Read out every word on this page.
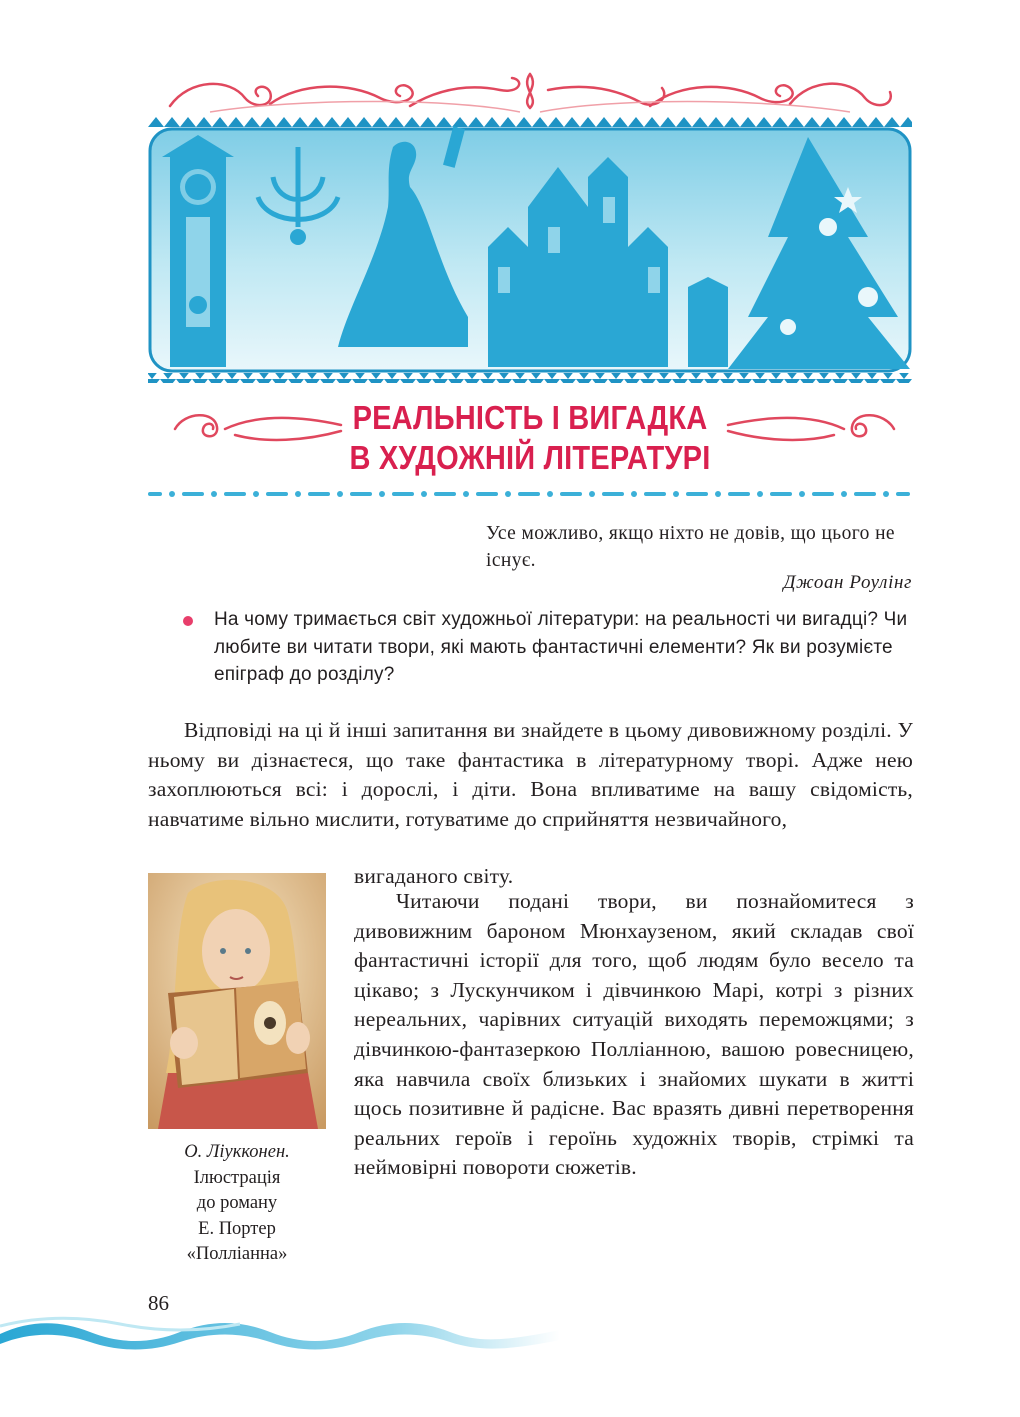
РЕАЛЬНІСТЬ І ВИГАДКА
В ХУДОЖНІЙ ЛІТЕРАТУРІ
Усе можливо, якщо ніхто не довів, що цього не існує.
Джоан Роулінг
На чому тримається світ художньої літератури: на реальності чи вигадці? Чи любите ви читати твори, які мають фантастичні елементи? Як ви розумієте епіграф до розділу?
Відповіді на ці й інші запитання ви знайдете в цьому дивовижному розділі. У ньому ви дізнаєтеся, що таке фантастика в літературному творі. Адже нею захоплюються всі: і дорослі, і діти. Вона впливатиме на вашу свідомість, навчатиме вільно мислити, готуватиме до сприйняття незвичайного,
вигаданого світу.
О. Ліукконен.
Ілюстрація
до роману
Е. Портер
«Поллiанна»
Читаючи подані твори, ви познайомитеся з дивовижним бароном Мюнхаузеном, який складав свої фантастичні історії для того, щоб людям було весело та цікаво; з Лускунчиком і дівчинкою Марі, котрі з різних нереальних, чарівних ситуацій виходять переможцями; з дівчинкою-фантазеркою Поллiанною, вашою ровесницею, яка навчила своїх близьких і знайомих шукати в житті щось позитивне й радісне. Вас вразять дивні перетворення реальних героїв і героїнь художніх творів, стрімкі та неймовірні повороти сюжетів.
86
